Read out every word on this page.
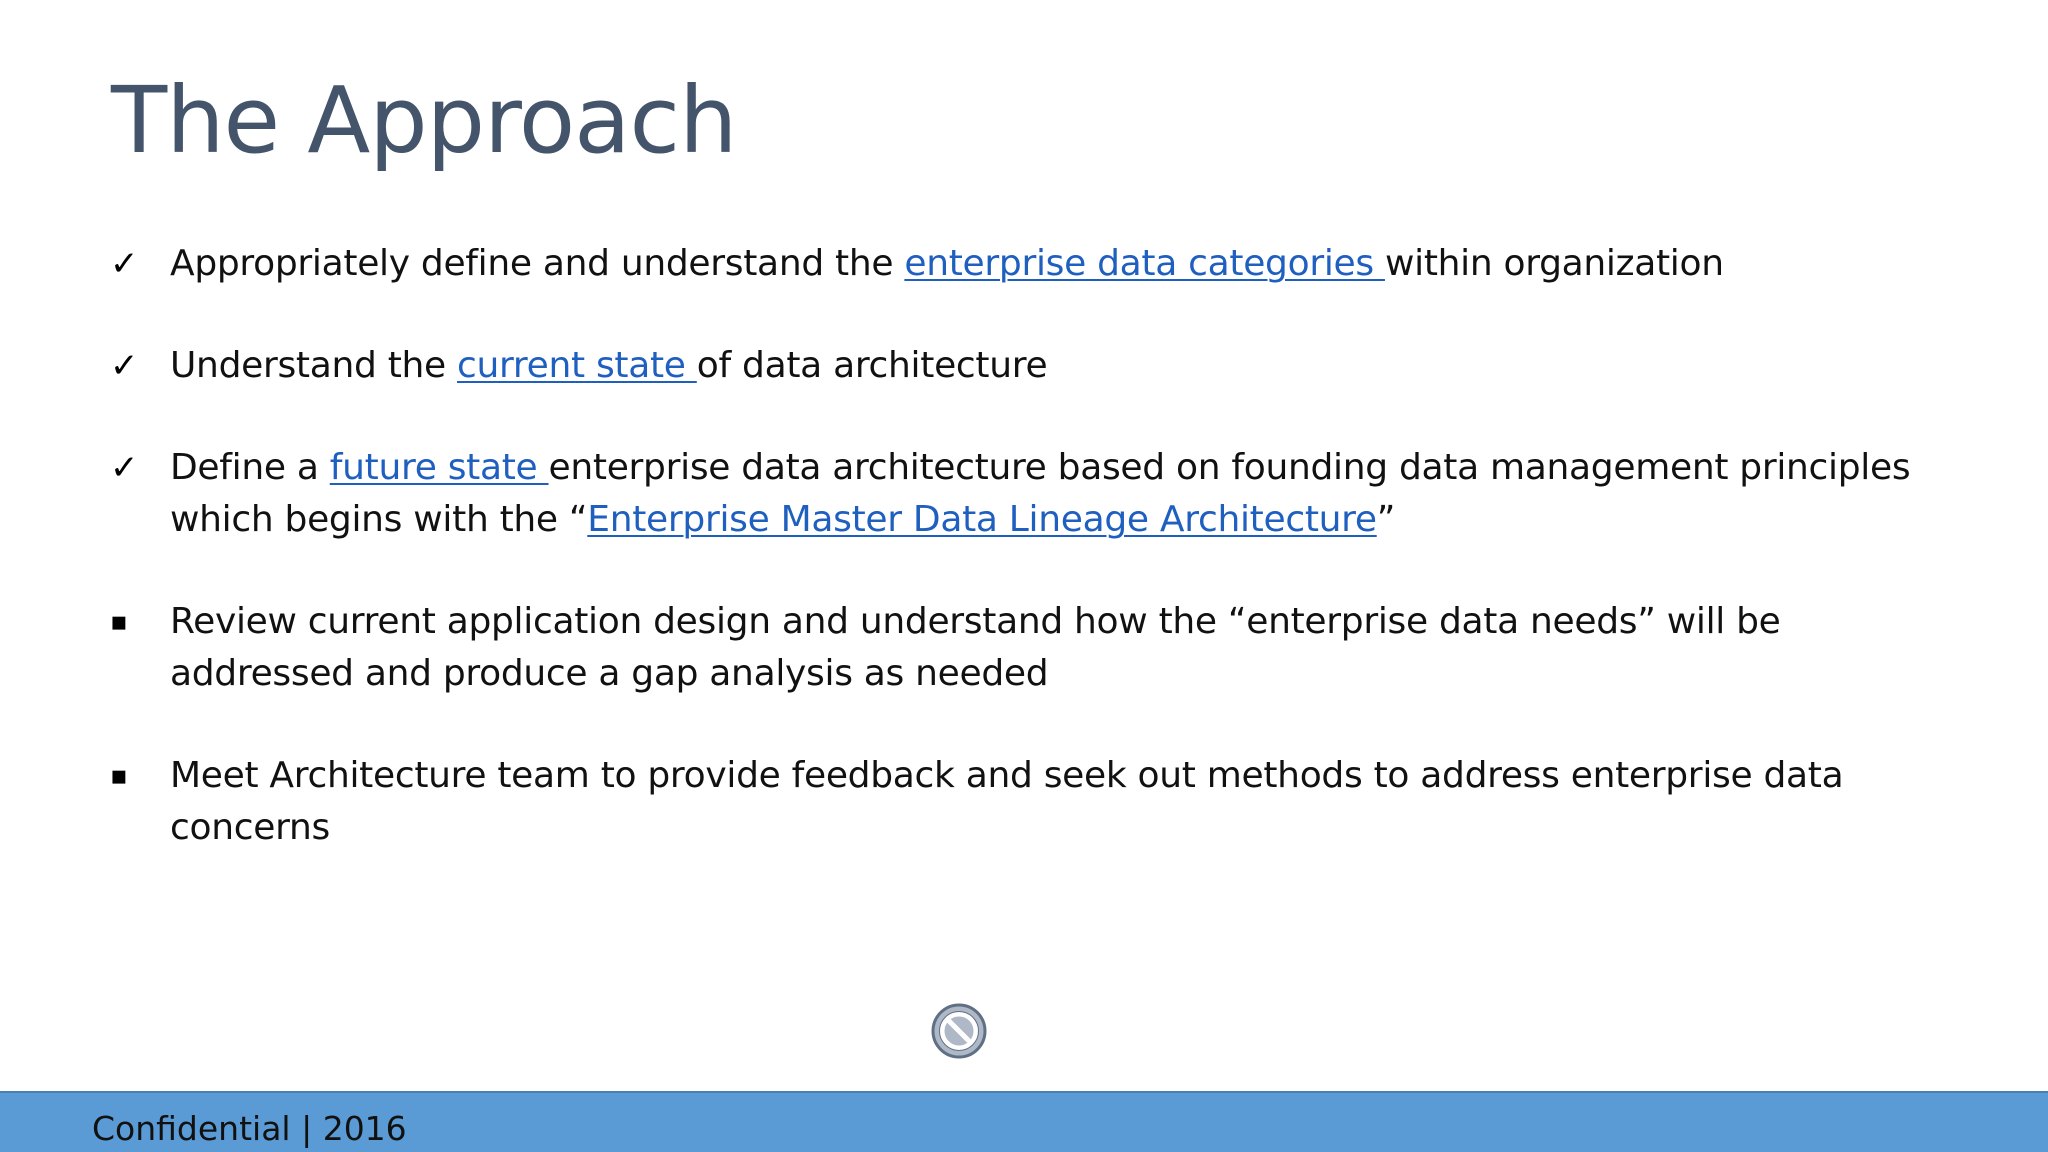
The Approach
✓ Appropriately define and understand the enterprise data categories within organization
✓ Understand the current state of data architecture
✓ Define a future state enterprise data architecture based on founding data management principles which begins with the “Enterprise Master Data Lineage Architecture”
▪	Review current application design and understand how the “enterprise data needs” will be addressed and produce a gap analysis as needed
▪	Meet Architecture team to provide feedback and seek out methods to address enterprise data concerns
Confidential | 2016
